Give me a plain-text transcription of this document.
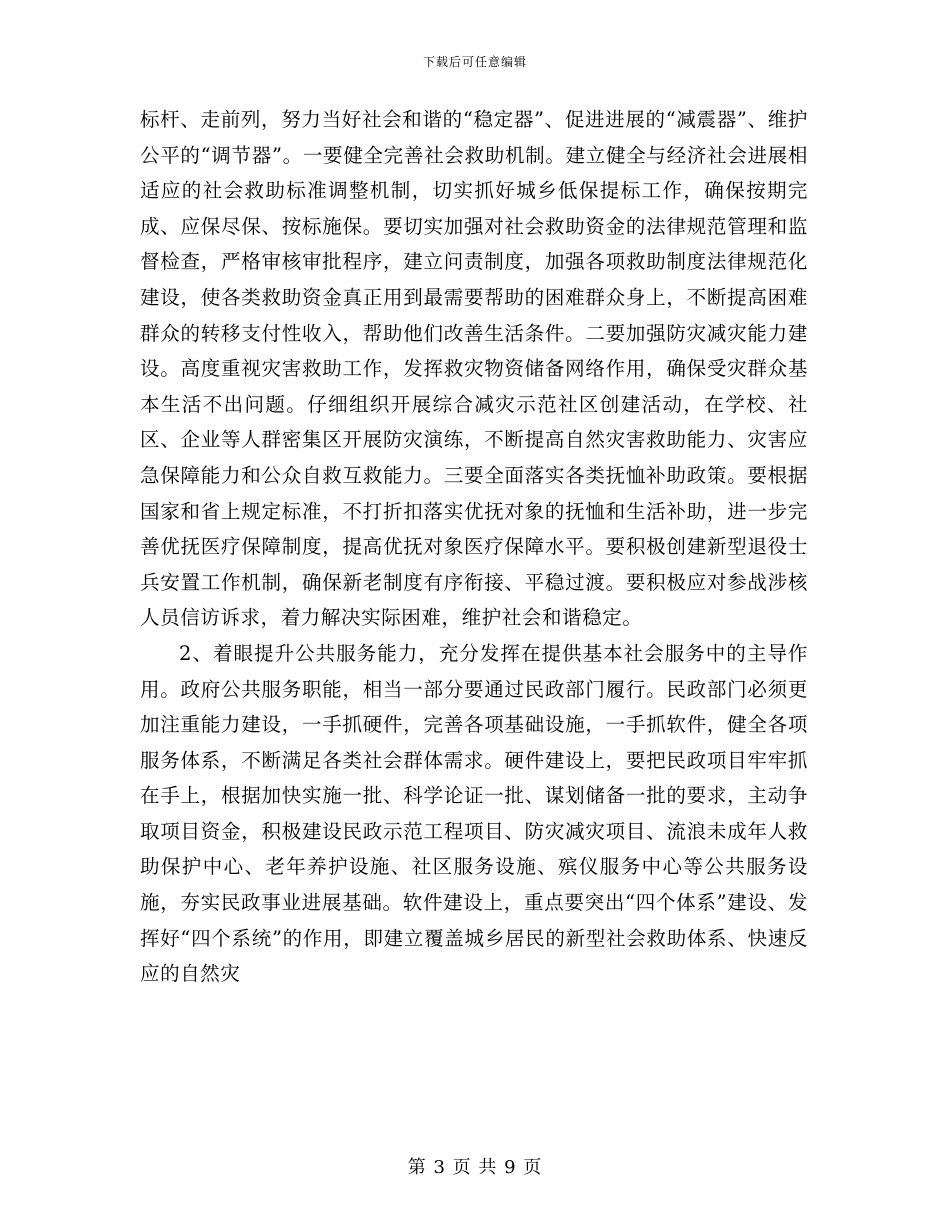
下载后可任意编辑

标杆、走前列，努力当好社会和谐的“稳定器”、促进进展的“减震器”、维护公平的“调节器”。一要健全完善社会救助机制。建立健全与经济社会进展相适应的社会救助标准调整机制，切实抓好城乡低保提标工作，确保按期完成、应保尽保、按标施保。要切实加强对社会救助资金的法律规范管理和监督检查，严格审核审批程序，建立问责制度，加强各项救助制度法律规范化建设，使各类救助资金真正用到最需要帮助的困难群众身上，不断提高困难群众的转移支付性收入，帮助他们改善生活条件。二要加强防灾减灾能力建设。高度重视灾害救助工作，发挥救灾物资储备网络作用，确保受灾群众基本生活不出问题。仔细组织开展综合减灾示范社区创建活动，在学校、社区、企业等人群密集区开展防灾演练，不断提高自然灾害救助能力、灾害应急保障能力和公众自救互救能力。三要全面落实各类抚恤补助政策。要根据国家和省上规定标准，不打折扣落实优抚对象的抚恤和生活补助，进一步完善优抚医疗保障制度，提高优抚对象医疗保障水平。要积极创建新型退役士兵安置工作机制，确保新老制度有序衔接、平稳过渡。要积极应对参战涉核人员信访诉求，着力解决实际困难，维护社会和谐稳定。

2、着眼提升公共服务能力，充分发挥在提供基本社会服务中的主导作用。政府公共服务职能，相当一部分要通过民政部门履行。民政部门必须更加注重能力建设，一手抓硬件，完善各项基础设施，一手抓软件，健全各项服务体系，不断满足各类社会群体需求。硬件建设上，要把民政项目牢牢抓在手上，根据加快实施一批、科学论证一批、谋划储备一批的要求，主动争取项目资金，积极建设民政示范工程项目、防灾减灾项目、流浪未成年人救助保护中心、老年养护设施、社区服务设施、殡仪服务中心等公共服务设施，夯实民政事业进展基础。软件建设上，重点要突出“四个体系”建设、发挥好“四个系统”的作用，即建立覆盖城乡居民的新型社会救助体系、快速反应的自然灾

第 3 页 共 9 页
